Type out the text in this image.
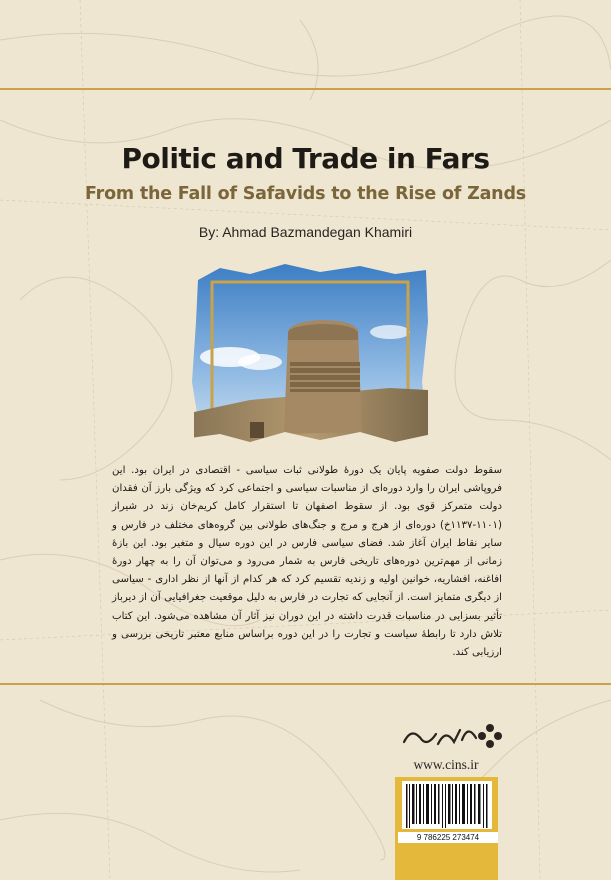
Politic and Trade in Fars
From the Fall of Safavids to the Rise of Zands
By: Ahmad Bazmandegan Khamiri
سقوط دولت صفویه پایان یک دورهٔ طولانی ثبات سیاسی - اقتصادی در ایران بود. این فروپاشی ایران را وارد دوره‌ای از مناسبات سیاسی و اجتماعی کرد که ویژگی بارز آن فقدان دولت متمرکز قوی بود. از سقوط اصفهان تا استقرار کامل کریم‌خان زند در شیراز (۱۱۰۱-۱۱۳۷خ) دوره‌ای از هرج و مرج و جنگ‌های طولانی بین گروه‌های مختلف در فارس و سایر نقاط ایران آغاز شد. فضای سیاسی فارس در این دوره سیال و متغیر بود. این بازهٔ زمانی از مهم‌ترین دوره‌های تاریخی فارس به شمار می‌رود و می‌توان آن را به چهار دورهٔ افاغنه، افشاریه، خوانین اولیه و زندیه تقسیم کرد که هر کدام از آنها از نظر اداری - سیاسی از دیگری متمایز است. از آنجایی که تجارت در فارس به دلیل موقعیت جغرافیایی آن از دیرباز تأثیر بسزایی در مناسبات قدرت داشته در این دوران نیز آثار آن مشاهده می‌شود. این کتاب تلاش دارد تا رابطهٔ سیاست و تجارت را در این دوره براساس منابع معتبر تاریخی بررسی و ارزیابی کند.
www.cins.ir
9 786225 273474
